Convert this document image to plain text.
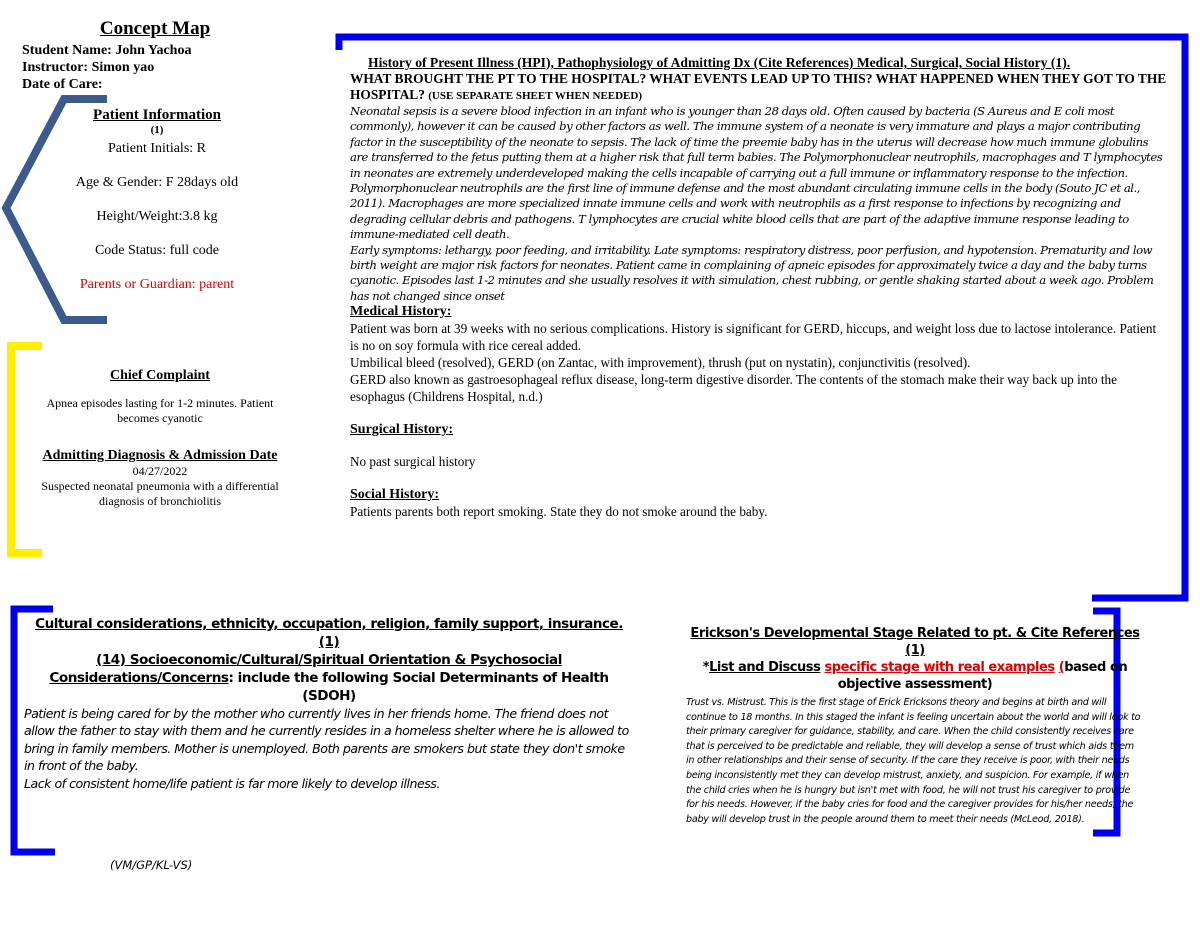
Concept Map
Student Name: John Yachoa
Instructor: Simon yao
Date of Care:
Patient Information
(1)
Patient Initials: R
Age & Gender: F 28days old
Height/Weight:3.8 kg
Code Status: full code
Parents or Guardian: parent
Chief Complaint
Apnea episodes lasting for 1-2 minutes. Patient becomes cyanotic
Admitting Diagnosis & Admission Date
04/27/2022
Suspected neonatal pneumonia with a differential diagnosis of bronchiolitis
History of Present Illness (HPI), Pathophysiology of Admitting Dx (Cite References) Medical, Surgical, Social History (1).
WHAT BROUGHT THE PT TO THE HOSPITAL? WHAT EVENTS LEAD UP TO THIS? WHAT HAPPENED WHEN THEY GOT TO THE HOSPITAL? (USE SEPARATE SHEET WHEN NEEDED)
Neonatal sepsis is a severe blood infection in an infant who is younger than 28 days old. Often caused by bacteria (S Aureus and E coli most commonly), however it can be caused by other factors as well. The immune system of a neonate is very immature and plays a major contributing factor in the susceptibility of the neonate to sepsis. The lack of time the preemie baby has in the uterus will decrease how much immune globulins are transferred to the fetus putting them at a higher risk that full term babies. The Polymorphonuclear neutrophils, macrophages and T lymphocytes in neonates are extremely underdeveloped making the cells incapable of carrying out a full immune or inflammatory response to the infection. Polymorphonuclear neutrophils are the first line of immune defense and the most abundant circulating immune cells in the body (Souto JC et al., 2011). Macrophages are more specialized innate immune cells and work with neutrophils as a first response to infections by recognizing and degrading cellular debris and pathogens. T lymphocytes are crucial white blood cells that are part of the adaptive immune response leading to immune-mediated cell death.
Early symptoms: lethargy, poor feeding, and irritability. Late symptoms: respiratory distress, poor perfusion, and hypotension. Prematurity and low birth weight are major risk factors for neonates. Patient came in complaining of apneic episodes for approximately twice a day and the baby turns cyanotic. Episodes last 1-2 minutes and she usually resolves it with simulation, chest rubbing, or gentle shaking started about a week ago. Problem has not changed since onset
Medical History:
Patient was born at 39 weeks with no serious complications. History is significant for GERD, hiccups, and weight loss due to lactose intolerance. Patient is no on soy formula with rice cereal added.
Umbilical bleed (resolved), GERD (on Zantac, with improvement), thrush (put on nystatin), conjunctivitis (resolved).
GERD also known as gastroesophageal reflux disease, long-term digestive disorder. The contents of the stomach make their way back up into the esophagus (Childrens Hospital, n.d.)
Surgical History:
No past surgical history
Social History:
Patients parents both report smoking. State they do not smoke around the baby.
Cultural considerations, ethnicity, occupation, religion, family support, insurance. (1)
(14) Socioeconomic/Cultural/Spiritual Orientation & Psychosocial Considerations/Concerns: include the following Social Determinants of Health (SDOH)
Patient is being cared for by the mother who currently lives in her friends home. The friend does not allow the father to stay with them and he currently resides in a homeless shelter where he is allowed to bring in family members. Mother is unemployed. Both parents are smokers but state they don't smoke in front of the baby.
Lack of consistent home/life patient is far more likely to develop illness.
Erickson's Developmental Stage Related to pt. & Cite References (1)
*List and Discuss specific stage with real examples (based on objective assessment)
Trust vs. Mistrust. This is the first stage of Erick Ericksons theory and begins at birth and will continue to 18 months. In this staged the infant is feeling uncertain about the world and will look to their primary caregiver for guidance, stability, and care. When the child consistently receives care that is perceived to be predictable and reliable, they will develop a sense of trust which aids them in other relationships and their sense of security. If the care they receive is poor, with their needs being inconsistently met they can develop mistrust, anxiety, and suspicion. For example, if when the child cries when he is hungry but isn't met with food, he will not trust his caregiver to provide for his needs. However, if the baby cries for food and the caregiver provides for his/her needs, the baby will develop trust in the people around them to meet their needs (McLeod, 2018).
(VM/GP/KL-VS)
